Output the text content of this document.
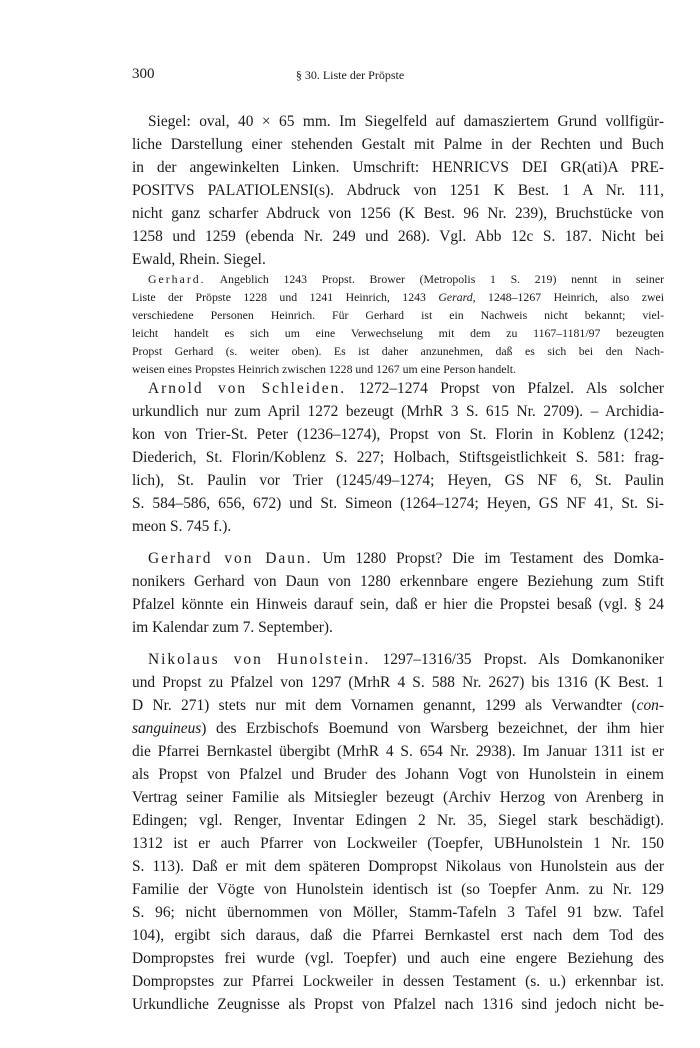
300	§ 30. Liste der Pröpste
Siegel: oval, 40 × 65 mm. Im Siegelfeld auf damasziertem Grund vollfigür-
liche Darstellung einer stehenden Gestalt mit Palme in der Rechten und Buch
in der angewinkelten Linken. Umschrift: HENRICVS DEI GR(ati)A PRE-
POSITVS PALATIOLENSI(s). Abdruck von 1251 K Best. 1 A Nr. 111,
nicht ganz scharfer Abdruck von 1256 (K Best. 96 Nr. 239), Bruchstücke von
1258 und 1259 (ebenda Nr. 249 und 268). Vgl. Abb 12c S. 187. Nicht bei
Ewald, Rhein. Siegel.
Gerhard. Angeblich 1243 Propst. Brower (Metropolis 1 S. 219) nennt in seiner
Liste der Pröpste 1228 und 1241 Heinrich, 1243 Gerard, 1248–1267 Heinrich, also zwei
verschiedene Personen Heinrich. Für Gerhard ist ein Nachweis nicht bekannt; viel-
leicht handelt es sich um eine Verwechselung mit dem zu 1167–1181/97 bezeugten
Propst Gerhard (s. weiter oben). Es ist daher anzunehmen, daß es sich bei den Nach-
weisen eines Propstes Heinrich zwischen 1228 und 1267 um eine Person handelt.
Arnold von Schleiden. 1272–1274 Propst von Pfalzel. Als solcher
urkundlich nur zum April 1272 bezeugt (MrhR 3 S. 615 Nr. 2709). – Archidia-
kon von Trier-St. Peter (1236–1274), Propst von St. Florin in Koblenz (1242;
Diederich, St. Florin/Koblenz S. 227; Holbach, Stiftsgeistlichkeit S. 581: frag-
lich), St. Paulin vor Trier (1245/49–1274; Heyen, GS NF 6, St. Paulin
S. 584–586, 656, 672) und St. Simeon (1264–1274; Heyen, GS NF 41, St. Si-
meon S. 745 f.).
Gerhard von Daun. Um 1280 Propst? Die im Testament des Domka-
nonikers Gerhard von Daun von 1280 erkennbare engere Beziehung zum Stift
Pfalzel könnte ein Hinweis darauf sein, daß er hier die Propstei besaß (vgl. § 24
im Kalendar zum 7. September).
Nikolaus von Hunolstein. 1297–1316/35 Propst. Als Domkanoniker
und Propst zu Pfalzel von 1297 (MrhR 4 S. 588 Nr. 2627) bis 1316 (K Best. 1
D Nr. 271) stets nur mit dem Vornamen genannt, 1299 als Verwandter (con-
sanguineus) des Erzbischofs Boemund von Warsberg bezeichnet, der ihm hier
die Pfarrei Bernkastel übergibt (MrhR 4 S. 654 Nr. 2938). Im Januar 1311 ist er
als Propst von Pfalzel und Bruder des Johann Vogt von Hunolstein in einem
Vertrag seiner Familie als Mitsiegler bezeugt (Archiv Herzog von Arenberg in
Edingen; vgl. Renger, Inventar Edingen 2 Nr. 35, Siegel stark beschädigt).
1312 ist er auch Pfarrer von Lockweiler (Toepfer, UBHunolstein 1 Nr. 150
S. 113). Daß er mit dem späteren Dompropst Nikolaus von Hunolstein aus der
Familie der Vögte von Hunolstein identisch ist (so Toepfer Anm. zu Nr. 129
S. 96; nicht übernommen von Möller, Stamm-Tafeln 3 Tafel 91 bzw. Tafel
104), ergibt sich daraus, daß die Pfarrei Bernkastel erst nach dem Tod des
Dompropstes frei wurde (vgl. Toepfer) und auch eine engere Beziehung des
Dompropstes zur Pfarrei Lockweiler in dessen Testament (s. u.) erkennbar ist.
Urkundliche Zeugnisse als Propst von Pfalzel nach 1316 sind jedoch nicht be-
